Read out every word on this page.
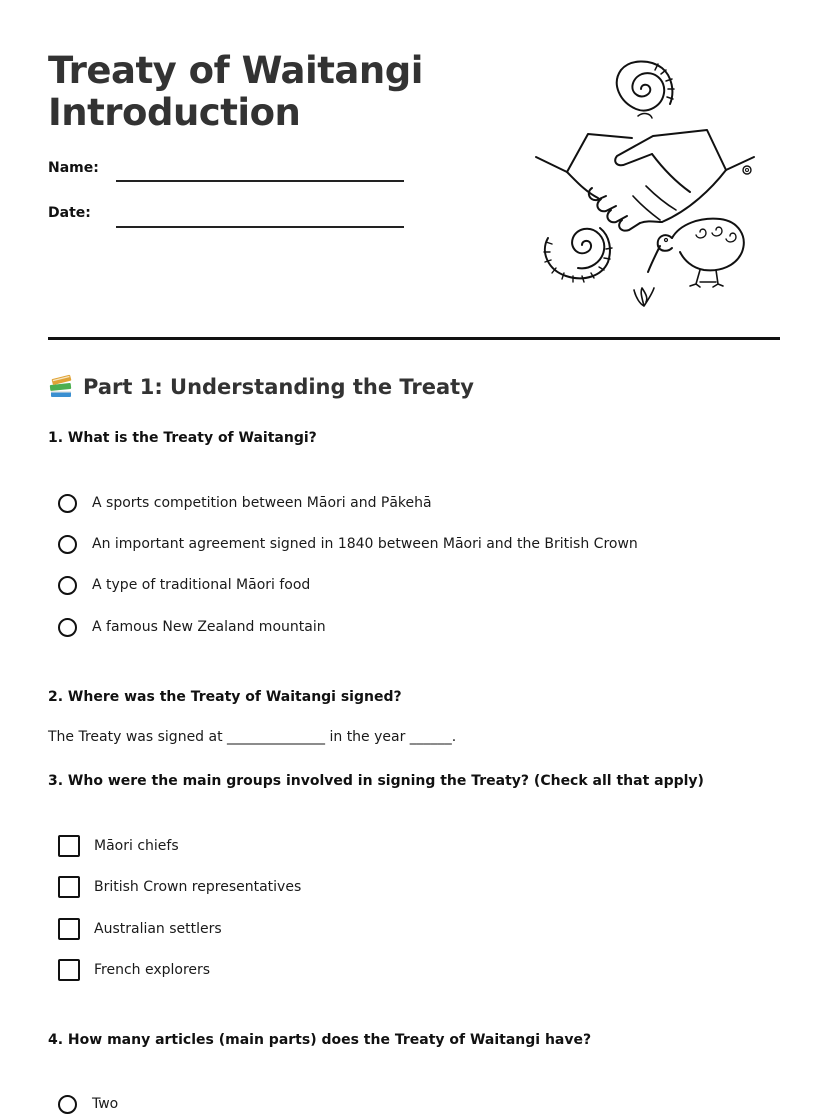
Treaty of Waitangi
Introduction
Name:
Date:
Part 1: Understanding the Treaty

1. What is the Treaty of Waitangi?

A sports competition between Māori and Pākehā
An important agreement signed in 1840 between Māori and the British Crown
A type of traditional Māori food
A famous New Zealand mountain

2. Where was the Treaty of Waitangi signed?

The Treaty was signed at ______________ in the year ______.

3. Who were the main groups involved in signing the Treaty? (Check all that apply)

Māori chiefs
British Crown representatives
Australian settlers
French explorers

4. How many articles (main parts) does the Treaty of Waitangi have?

Two
